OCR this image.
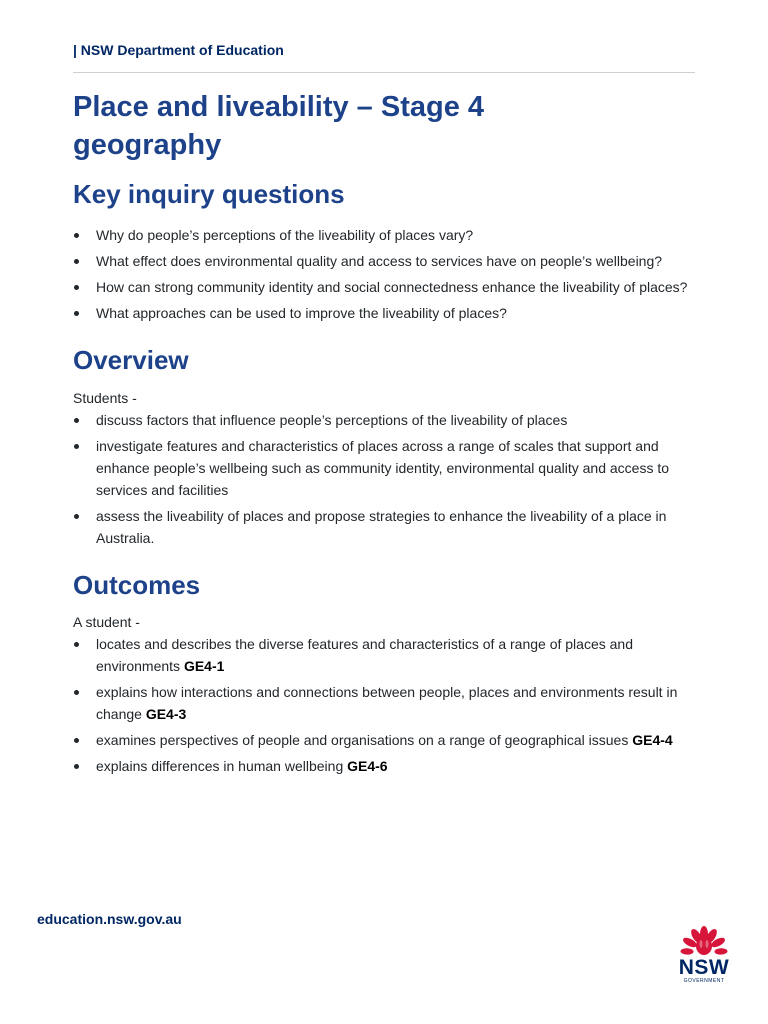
| NSW Department of Education
Place and liveability – Stage 4 geography
Key inquiry questions
Why do people’s perceptions of the liveability of places vary?
What effect does environmental quality and access to services have on people’s wellbeing?
How can strong community identity and social connectedness enhance the liveability of places?
What approaches can be used to improve the liveability of places?
Overview

Students -

discuss factors that influence people’s perceptions of the liveability of places
investigate features and characteristics of places across a range of scales that support and enhance people’s wellbeing such as community identity, environmental quality and access to services and facilities
assess the liveability of places and propose strategies to enhance the liveability of a place in Australia.
Outcomes

A student -

locates and describes the diverse features and characteristics of a range of places and environments GE4-1
explains how interactions and connections between people, places and environments result in change GE4-3
examines perspectives of people and organisations on a range of geographical issues GE4-4
explains differences in human wellbeing GE4-6
education.nsw.gov.au
NSW
GOVERNMENT
